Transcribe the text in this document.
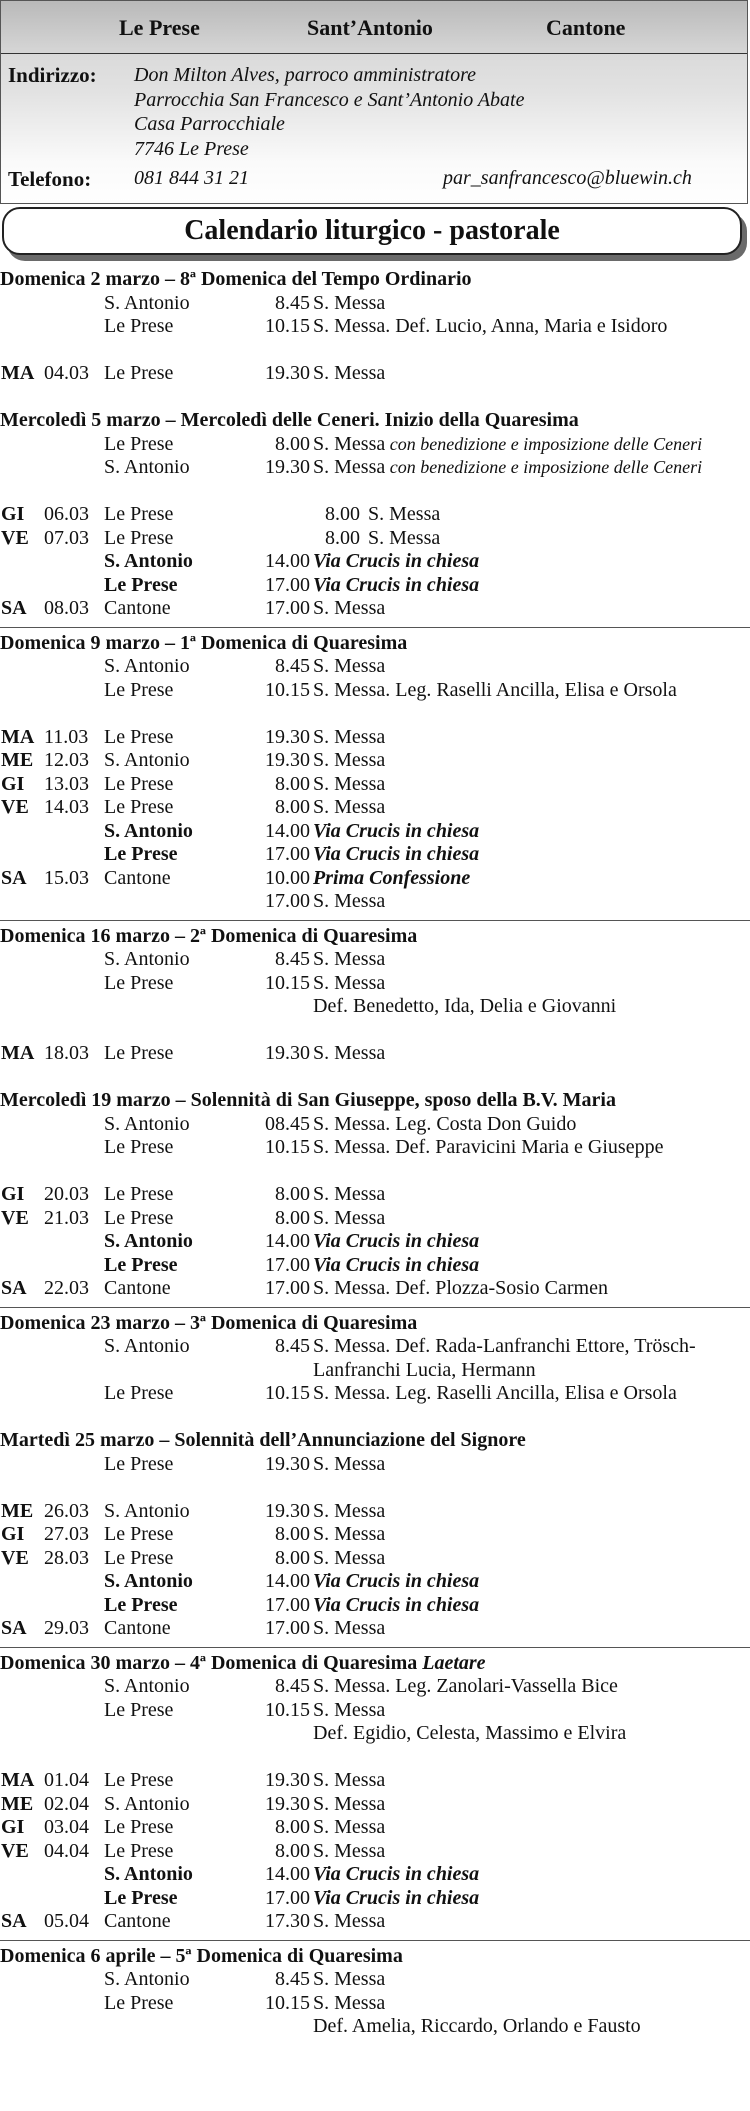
Le Prese	Sant’Antonio	Cantone
Indirizzo: Don Milton Alves, parroco amministratore
Parrocchia San Francesco e Sant’Antonio Abate
Casa Parrocchiale
7746 Le Prese
Telefono: 081 844 31 21	par_sanfrancesco@bluewin.ch
Calendario liturgico - pastorale
Domenica 2 marzo – 8ª Domenica del Tempo Ordinario
S. Antonio	8.45 S. Messa
Le Prese	10.15 S. Messa. Def. Lucio, Anna, Maria e Isidoro
MA 04.03 Le Prese	19.30 S. Messa
Mercoledì 5 marzo – Mercoledì delle Ceneri. Inizio della Quaresima
Le Prese	8.00 S. Messa con benedizione e imposizione delle Ceneri
S. Antonio	19.30 S. Messa con benedizione e imposizione delle Ceneri
GI 06.03 Le Prese	8.00 S. Messa
VE 07.03 Le Prese	8.00 S. Messa
S. Antonio	14.00 Via Crucis in chiesa
Le Prese	17.00 Via Crucis in chiesa
SA 08.03 Cantone	17.00 S. Messa
Domenica 9 marzo – 1ª Domenica di Quaresima
S. Antonio	8.45 S. Messa
Le Prese	10.15 S. Messa. Leg. Raselli Ancilla, Elisa e Orsola
MA 11.03 Le Prese	19.30 S. Messa
ME 12.03 S. Antonio	19.30 S. Messa
GI 13.03 Le Prese	8.00 S. Messa
VE 14.03 Le Prese	8.00 S. Messa
S. Antonio	14.00 Via Crucis in chiesa
Le Prese	17.00 Via Crucis in chiesa
SA 15.03 Cantone	10.00 Prima Confessione
17.00 S. Messa
Domenica 16 marzo – 2ª Domenica di Quaresima
S. Antonio	8.45 S. Messa
Le Prese	10.15 S. Messa
Def. Benedetto, Ida, Delia e Giovanni
MA 18.03 Le Prese	19.30 S. Messa
Mercoledì 19 marzo – Solennità di San Giuseppe, sposo della B.V. Maria
S. Antonio	08.45 S. Messa. Leg. Costa Don Guido
Le Prese	10.15 S. Messa. Def. Paravicini Maria e Giuseppe
GI 20.03 Le Prese	8.00 S. Messa
VE 21.03 Le Prese	8.00 S. Messa
S. Antonio	14.00 Via Crucis in chiesa
Le Prese	17.00 Via Crucis in chiesa
SA 22.03 Cantone	17.00 S. Messa. Def. Plozza-Sosio Carmen
Domenica 23 marzo – 3ª Domenica di Quaresima
S. Antonio	8.45 S. Messa. Def. Rada-Lanfranchi Ettore, Trösch-
Lanfranchi Lucia, Hermann
Le Prese	10.15 S. Messa. Leg. Raselli Ancilla, Elisa e Orsola
Martedì 25 marzo – Solennità dell’Annunciazione del Signore
Le Prese	19.30 S. Messa
ME 26.03 S. Antonio	19.30 S. Messa
GI 27.03 Le Prese	8.00 S. Messa
VE 28.03 Le Prese	8.00 S. Messa
S. Antonio	14.00 Via Crucis in chiesa
Le Prese	17.00 Via Crucis in chiesa
SA 29.03 Cantone	17.00 S. Messa
Domenica 30 marzo – 4ª Domenica di Quaresima Laetare
S. Antonio	8.45 S. Messa. Leg. Zanolari-Vassella Bice
Le Prese	10.15 S. Messa
Def. Egidio, Celesta, Massimo e Elvira
MA 01.04 Le Prese	19.30 S. Messa
ME 02.04 S. Antonio	19.30 S. Messa
GI 03.04 Le Prese	8.00 S. Messa
VE 04.04 Le Prese	8.00 S. Messa
S. Antonio	14.00 Via Crucis in chiesa
Le Prese	17.00 Via Crucis in chiesa
SA 05.04 Cantone	17.30 S. Messa
Domenica 6 aprile – 5ª Domenica di Quaresima
S. Antonio	8.45 S. Messa
Le Prese	10.15 S. Messa
Def. Amelia, Riccardo, Orlando e Fausto
